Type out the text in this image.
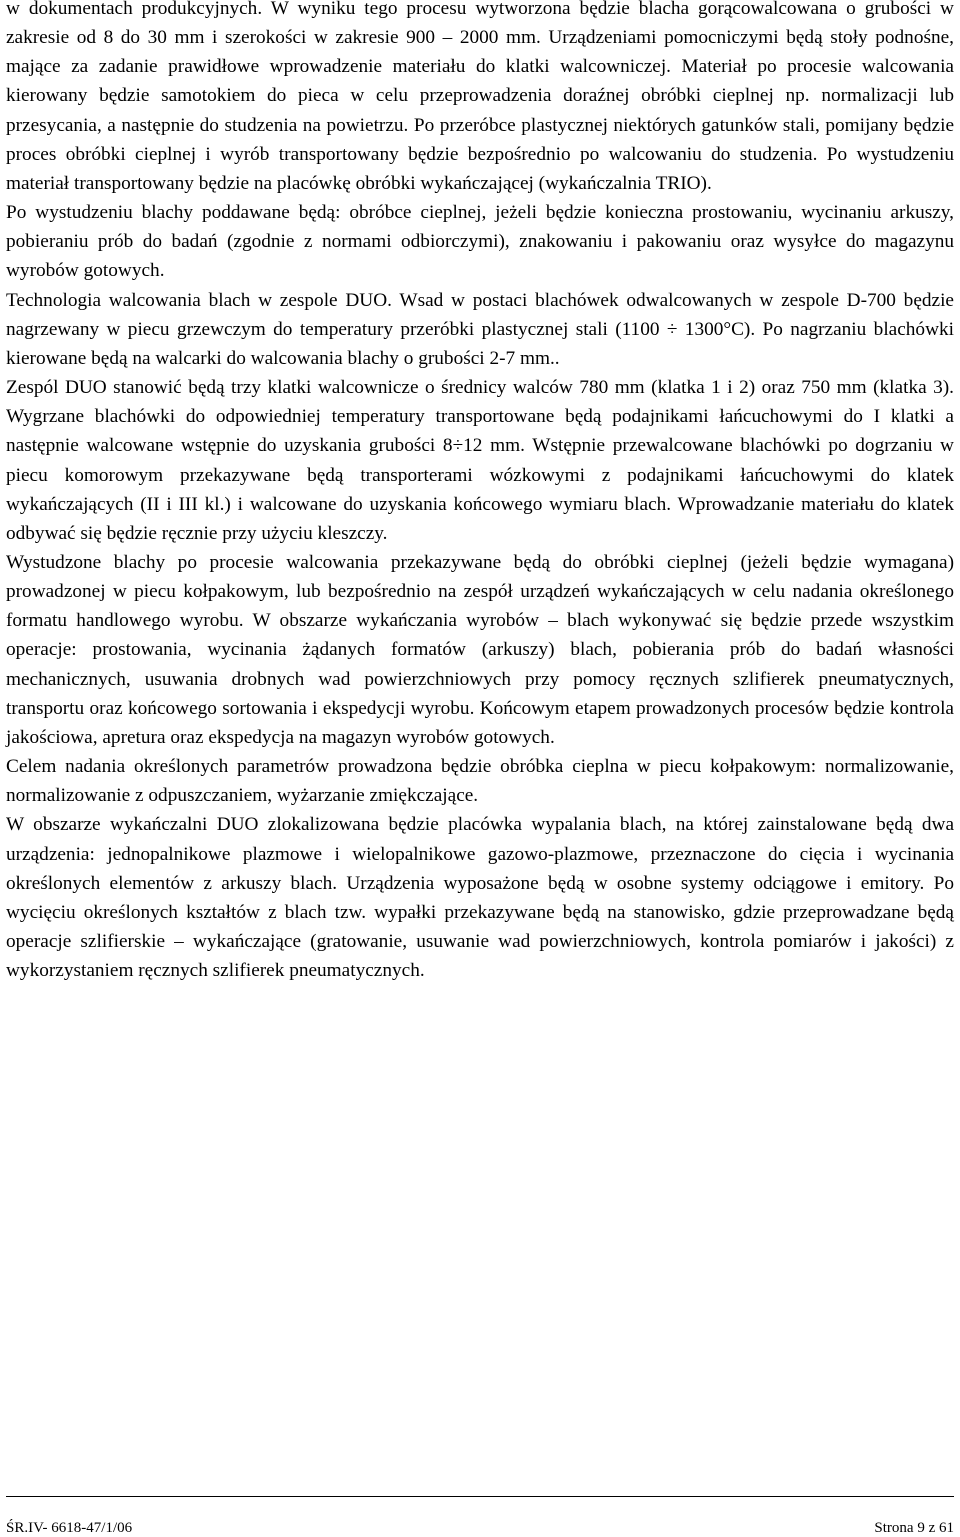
w dokumentach produkcyjnych. W wyniku tego procesu wytworzona będzie blacha gorącowalcowana o grubości w zakresie od 8 do 30 mm i szerokości w zakresie 900 – 2000 mm. Urządzeniami pomocniczymi będą stoły podnośne, mające za zadanie prawidłowe wprowadzenie materiału do klatki walcowniczej. Materiał po procesie walcowania kierowany będzie samotokiem do pieca w celu przeprowadzenia doraźnej obróbki cieplnej np. normalizacji lub przesycania, a następnie do studzenia na powietrzu. Po przeróbce plastycznej niektórych gatunków stali, pomijany będzie proces obróbki cieplnej i wyrób transportowany będzie bezpośrednio po walcowaniu do studzenia. Po wystudzeniu materiał transportowany będzie na placówkę obróbki wykańczającej (wykańczalnia TRIO).

Po wystudzeniu blachy poddawane będą: obróbce cieplnej, jeżeli będzie konieczna prostowaniu, wycinaniu arkuszy, pobieraniu prób do badań (zgodnie z normami odbiorczymi), znakowaniu i pakowaniu oraz wysyłce do magazynu wyrobów gotowych.

Technologia walcowania blach w zespole DUO. Wsad w postaci blachówek odwalcowanych w zespole D-700 będzie nagrzewany w piecu grzewczym do temperatury przeróbki plastycznej stali (1100 ÷ 1300°C). Po nagrzaniu blachówki kierowane będą na walcarki do walcowania blachy o grubości 2-7 mm..

Zespól DUO stanowić będą trzy klatki walcownicze o średnicy walców 780 mm (klatka 1 i 2) oraz 750 mm (klatka 3). Wygrzane blachówki do odpowiedniej temperatury transportowane będą podajnikami łańcuchowymi do I klatki a następnie walcowane wstępnie do uzyskania grubości 8÷12 mm. Wstępnie przewalcowane blachówki po dogrzaniu w piecu komorowym przekazywane będą transporterami wózkowymi z podajnikami łańcuchowymi do klatek wykańczających (II i III kl.) i walcowane do uzyskania końcowego wymiaru blach. Wprowadzanie materiału do klatek odbywać się będzie ręcznie przy użyciu kleszczy.

Wystudzone blachy po procesie walcowania przekazywane będą do obróbki cieplnej (jeżeli będzie wymagana) prowadzonej w piecu kołpakowym, lub bezpośrednio na zespół urządzeń wykańczających w celu nadania określonego formatu handlowego wyrobu. W obszarze wykańczania wyrobów – blach wykonywać się będzie przede wszystkim operacje: prostowania, wycinania żądanych formatów (arkuszy) blach, pobierania prób do badań własności mechanicznych, usuwania drobnych wad powierzchniowych przy pomocy ręcznych szlifierek pneumatycznych, transportu oraz końcowego sortowania i ekspedycji wyrobu. Końcowym etapem prowadzonych procesów będzie kontrola jakościowa, apretura oraz ekspedycja na magazyn wyrobów gotowych.

Celem nadania określonych parametrów prowadzona będzie obróbka cieplna w piecu kołpakowym: normalizowanie, normalizowanie z odpuszczaniem, wyżarzanie zmiękczające.

W obszarze wykańczalni DUO zlokalizowana będzie placówka wypalania blach, na której zainstalowane będą dwa urządzenia: jednopalnikowe plazmowe i wielopalnikowe gazowo-plazmowe, przeznaczone do cięcia i wycinania określonych elementów z arkuszy blach. Urządzenia wyposażone będą w osobne systemy odciągowe i emitory. Po wycięciu określonych kształtów z blach tzw. wypałki przekazywane będą na stanowisko, gdzie przeprowadzane będą operacje szlifierskie – wykańczające (gratowanie, usuwanie wad powierzchniowych, kontrola pomiarów i jakości) z wykorzystaniem ręcznych szlifierek pneumatycznych.

ŚR.IV- 6618-47/1/06	Strona 9 z 61
